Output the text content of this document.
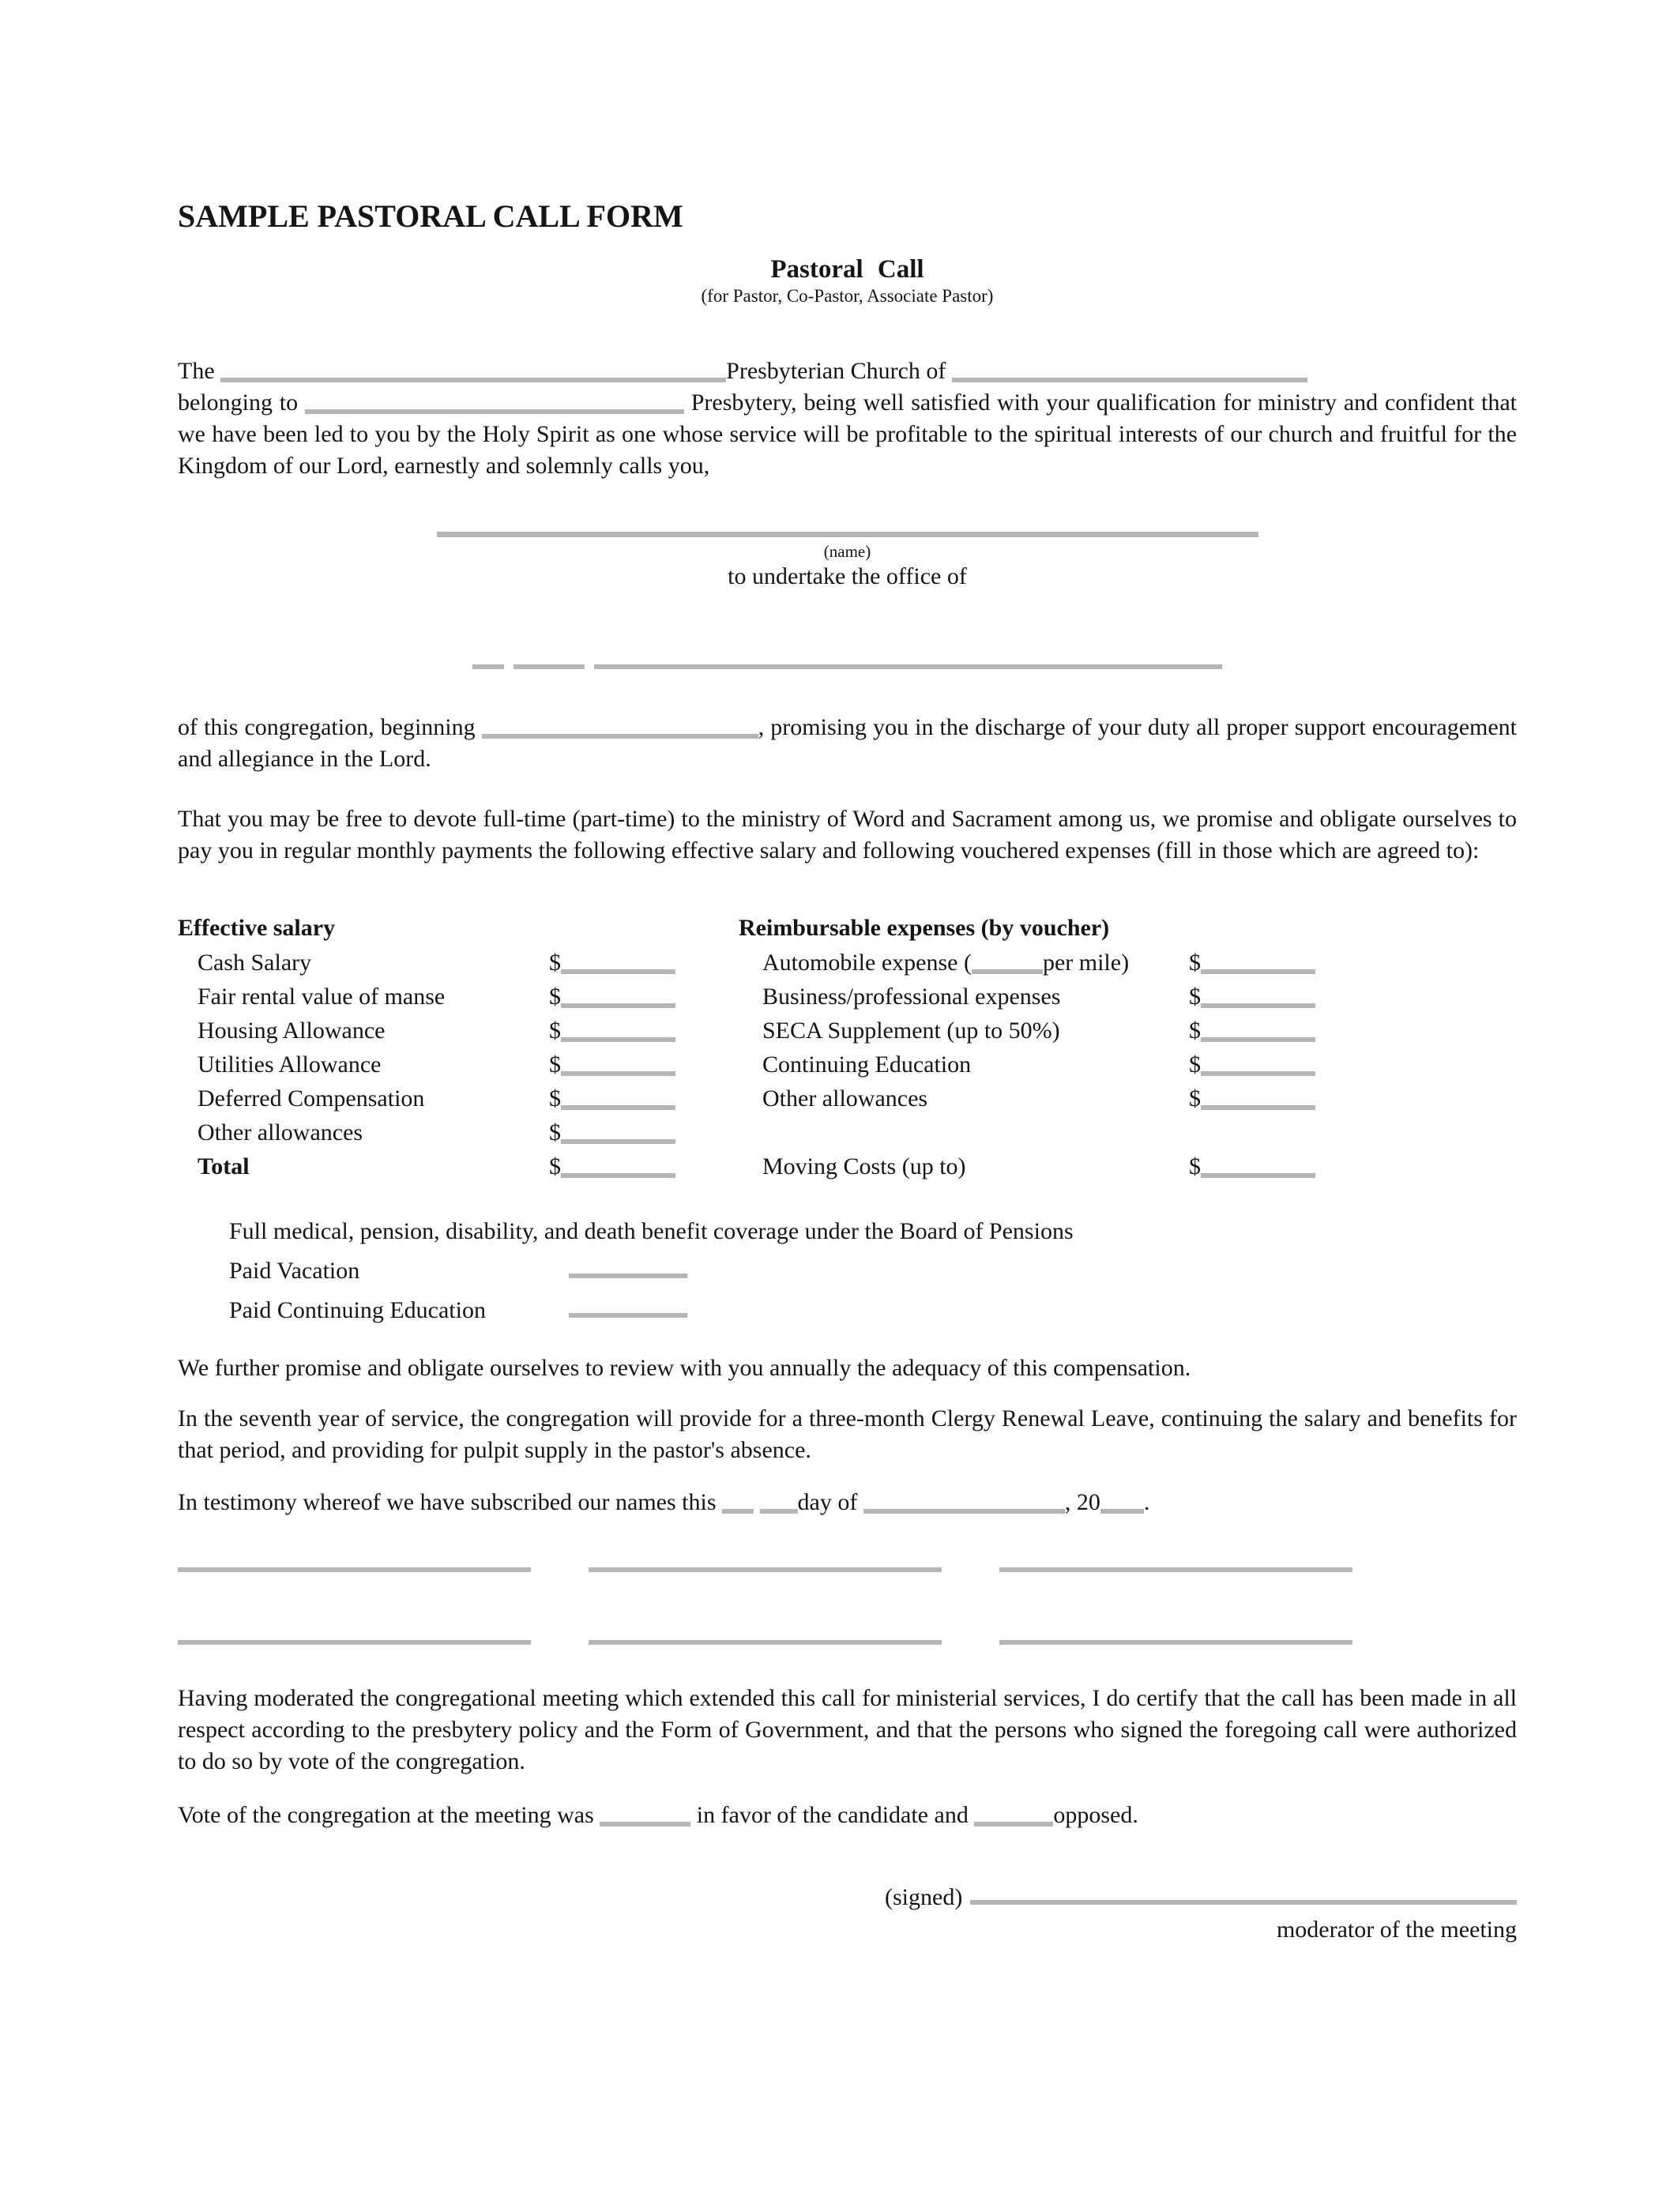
SAMPLE PASTORAL CALL FORM
Pastoral Call
(for Pastor, Co-Pastor, Associate Pastor)
The	Presbyterian Church of
belonging to	Presbytery, being well satisfied with your qualification for ministry and confident that we have been led to you by the Holy Spirit as one whose service will be profitable to the spiritual interests of our church and fruitful for the Kingdom of our Lord, earnestly and solemnly calls you,
(name)
to undertake the office of
of this congregation, beginning	, promising you in the discharge of your duty all proper support encouragement and allegiance in the Lord.
That you may be free to devote full-time (part-time) to the ministry of Word and Sacrament among us, we promise and obligate ourselves to pay you in regular monthly payments the following effective salary and following vouchered expenses (fill in those which are agreed to):
Effective salary
Cash Salary	$
Fair rental value of manse	$
Housing Allowance	$
Utilities Allowance	$
Deferred Compensation	$
Other allowances	$
Total	$
Reimbursable expenses (by voucher)
Automobile expense (	per mile)	$
Business/professional expenses	$
SECA Supplement (up to 50%)	$
Continuing Education	$
Other allowances	$
Moving Costs (up to)	$
Full medical, pension, disability, and death benefit coverage under the Board of Pensions
Paid Vacation
Paid Continuing Education
We further promise and obligate ourselves to review with you annually the adequacy of this compensation.
In the seventh year of service, the congregation will provide for a three-month Clergy Renewal Leave, continuing the salary and benefits for that period, and providing for pulpit supply in the pastor's absence.
In testimony whereof we have subscribed our names this	day of	, 20 .
Having moderated the congregational meeting which extended this call for ministerial services, I do certify that the call has been made in all respect according to the presbytery policy and the Form of Government, and that the persons who signed the foregoing call were authorized to do so by vote of the congregation.
Vote of the congregation at the meeting was	in favor of the candidate and	opposed.
(signed)
moderator of the meeting
